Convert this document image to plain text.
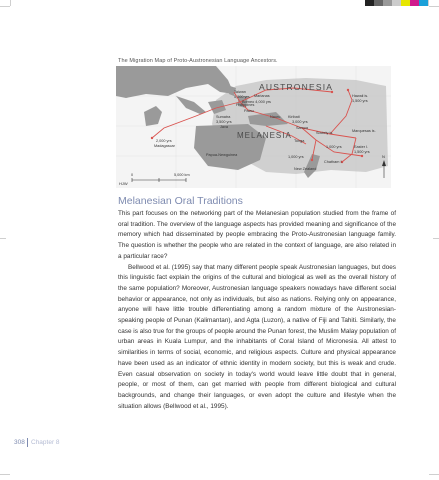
The Migration Map of Proto-Austronesian Language Ancestors.
AUSTRONESIA
MELANESIA
Taiwan
5,000 yrs Marianas
Philippines
Borneo 4,000 yrs
Palau
Hawaii is.
1,500 yrs
Sumatra
3,500 yrs
Nauru Kiribati
3,000 yrs
Java	Samoa
Society is.	Marquesas is.
2,000 yrs
Madagascar
Tonga
Papua-Newguinea
1,000 yrs	Easter I.
1,500 yrs
Chatham I.
1,000 yrs
New Zealand
N
0	5,000 km
HJW
Melanesian Oral Traditions

This part focuses on the networking part of the Melanesian population studied from the frame of oral tradition. The overview of the language aspects has provided meaning and significance of the memory which had disseminated by people embracing the Proto-Austronesian language family. The question is whether the people who are related in the context of language, are also related in a particular race?

Bellwood et al. (1995) say that many different people speak Austronesian languages, but does this linguistic fact explain the origins of the cultural and biological as well as the overall history of the same population? Moreover, Austronesian language speakers nowadays have different social behavior or appearance, not only as individuals, but also as nations. Relying only on appearance, anyone will have little trouble differentiating among a random mixture of the Austronesian-speaking people of Punan (Kalimantan), and Agta (Luzon), a native of Fiji and Tahiti. Similarly, the case is also true for the groups of people around the Punan forest, the Muslim Malay population of urban areas in Kuala Lumpur, and the inhabitants of Coral Island of Micronesia. All attest to similarities in terms of social, economic, and religious aspects. Culture and physical appearance have been used as an indicator of ethnic identity in modern society, but this is weak and crude. Even casual observation on society in today's world would leave little doubt that in general, people, or most of them, can get married with people from different biological and cultural backgrounds, and change their languages, or even adopt the culture and lifestyle when the situation allows (Bellwood et al., 1995).

308 Chapter 8
